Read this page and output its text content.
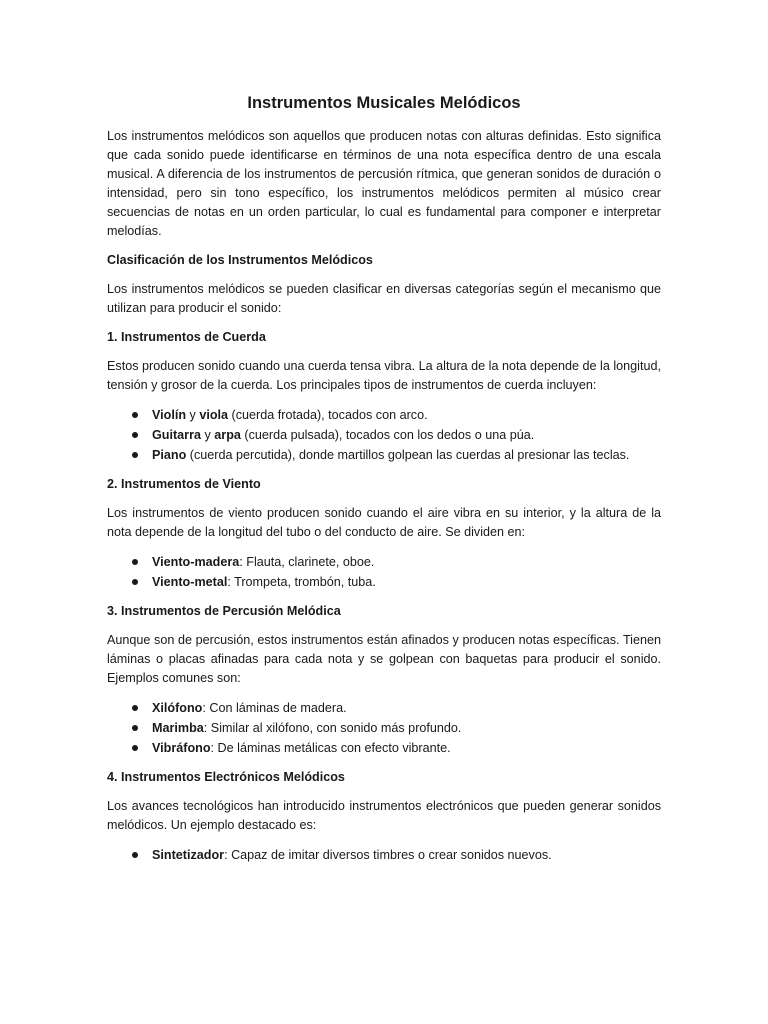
Instrumentos Musicales Melódicos

Los instrumentos melódicos son aquellos que producen notas con alturas definidas. Esto significa que cada sonido puede identificarse en términos de una nota específica dentro de una escala musical. A diferencia de los instrumentos de percusión rítmica, que generan sonidos de duración o intensidad, pero sin tono específico, los instrumentos melódicos permiten al músico crear secuencias de notas en un orden particular, lo cual es fundamental para componer e interpretar melodías.

Clasificación de los Instrumentos Melódicos

Los instrumentos melódicos se pueden clasificar en diversas categorías según el mecanismo que utilizan para producir el sonido:

1. Instrumentos de Cuerda

Estos producen sonido cuando una cuerda tensa vibra. La altura de la nota depende de la longitud, tensión y grosor de la cuerda. Los principales tipos de instrumentos de cuerda incluyen:

Violín y viola (cuerda frotada), tocados con arco.
Guitarra y arpa (cuerda pulsada), tocados con los dedos o una púa.
Piano (cuerda percutida), donde martillos golpean las cuerdas al presionar las teclas.
2. Instrumentos de Viento

Los instrumentos de viento producen sonido cuando el aire vibra en su interior, y la altura de la nota depende de la longitud del tubo o del conducto de aire. Se dividen en:

Viento-madera: Flauta, clarinete, oboe.
Viento-metal: Trompeta, trombón, tuba.
3. Instrumentos de Percusión Melódica

Aunque son de percusión, estos instrumentos están afinados y producen notas específicas. Tienen láminas o placas afinadas para cada nota y se golpean con baquetas para producir el sonido. Ejemplos comunes son:

Xilófono: Con láminas de madera.
Marimba: Similar al xilófono, con sonido más profundo.
Vibráfono: De láminas metálicas con efecto vibrante.
4. Instrumentos Electrónicos Melódicos

Los avances tecnológicos han introducido instrumentos electrónicos que pueden generar sonidos melódicos. Un ejemplo destacado es:

Sintetizador: Capaz de imitar diversos timbres o crear sonidos nuevos.
